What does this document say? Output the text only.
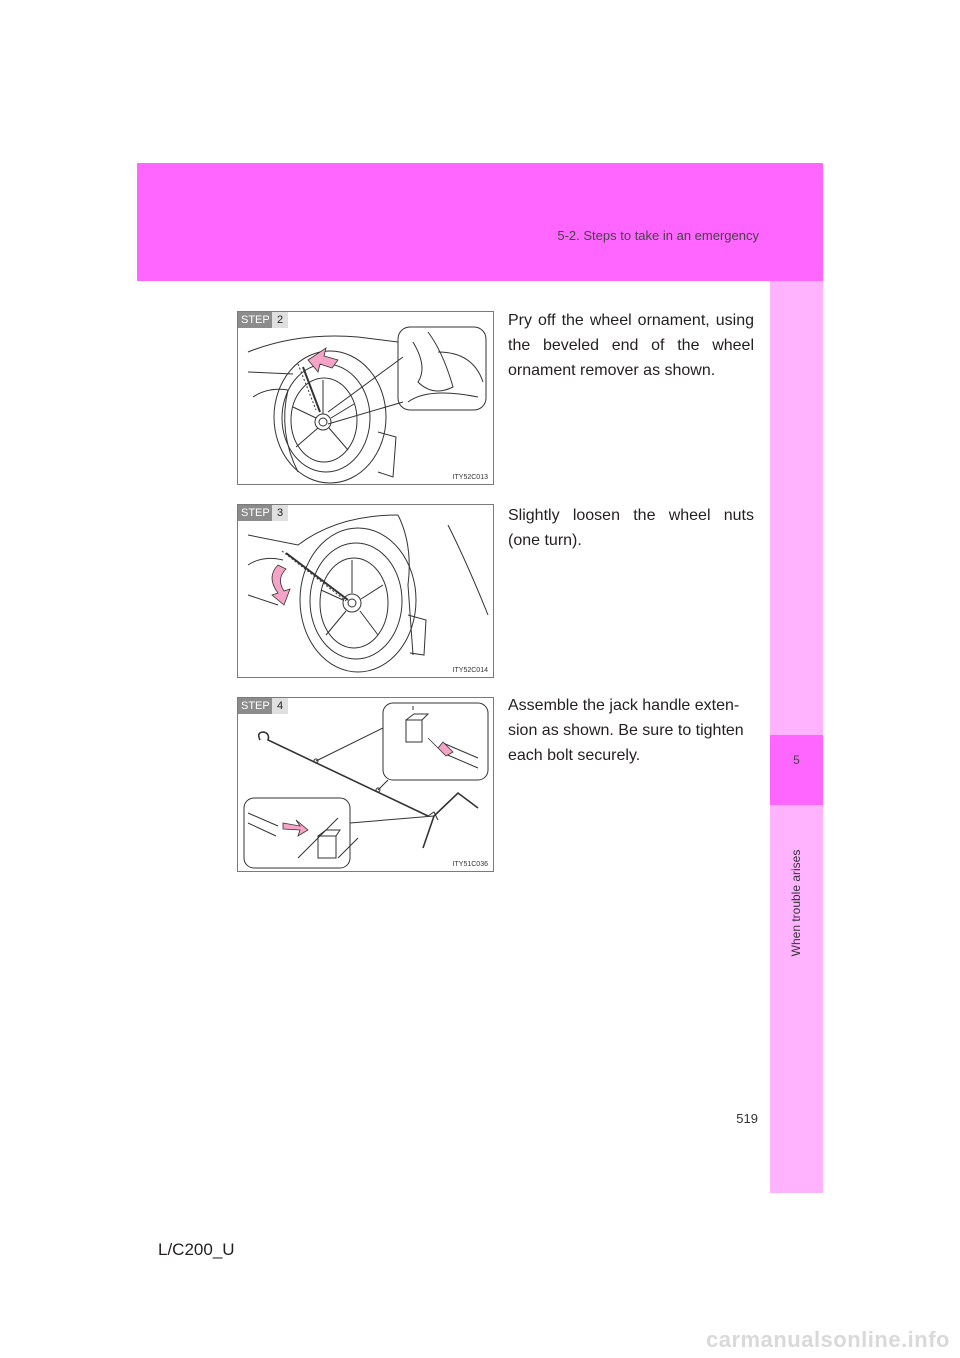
5-2. Steps to take in an emergency
5
When trouble arises
STEP 2
ITY52C013
Pry off the wheel ornament, using the beveled end of the wheel ornament remover as shown.
STEP 3
ITY52C014
Slightly loosen the wheel nuts (one turn).
STEP 4
ITY51C036
Assemble the jack handle exten-sion as shown. Be sure to tighten each bolt securely.
519
L/C200_U
carmanualsonline.info
